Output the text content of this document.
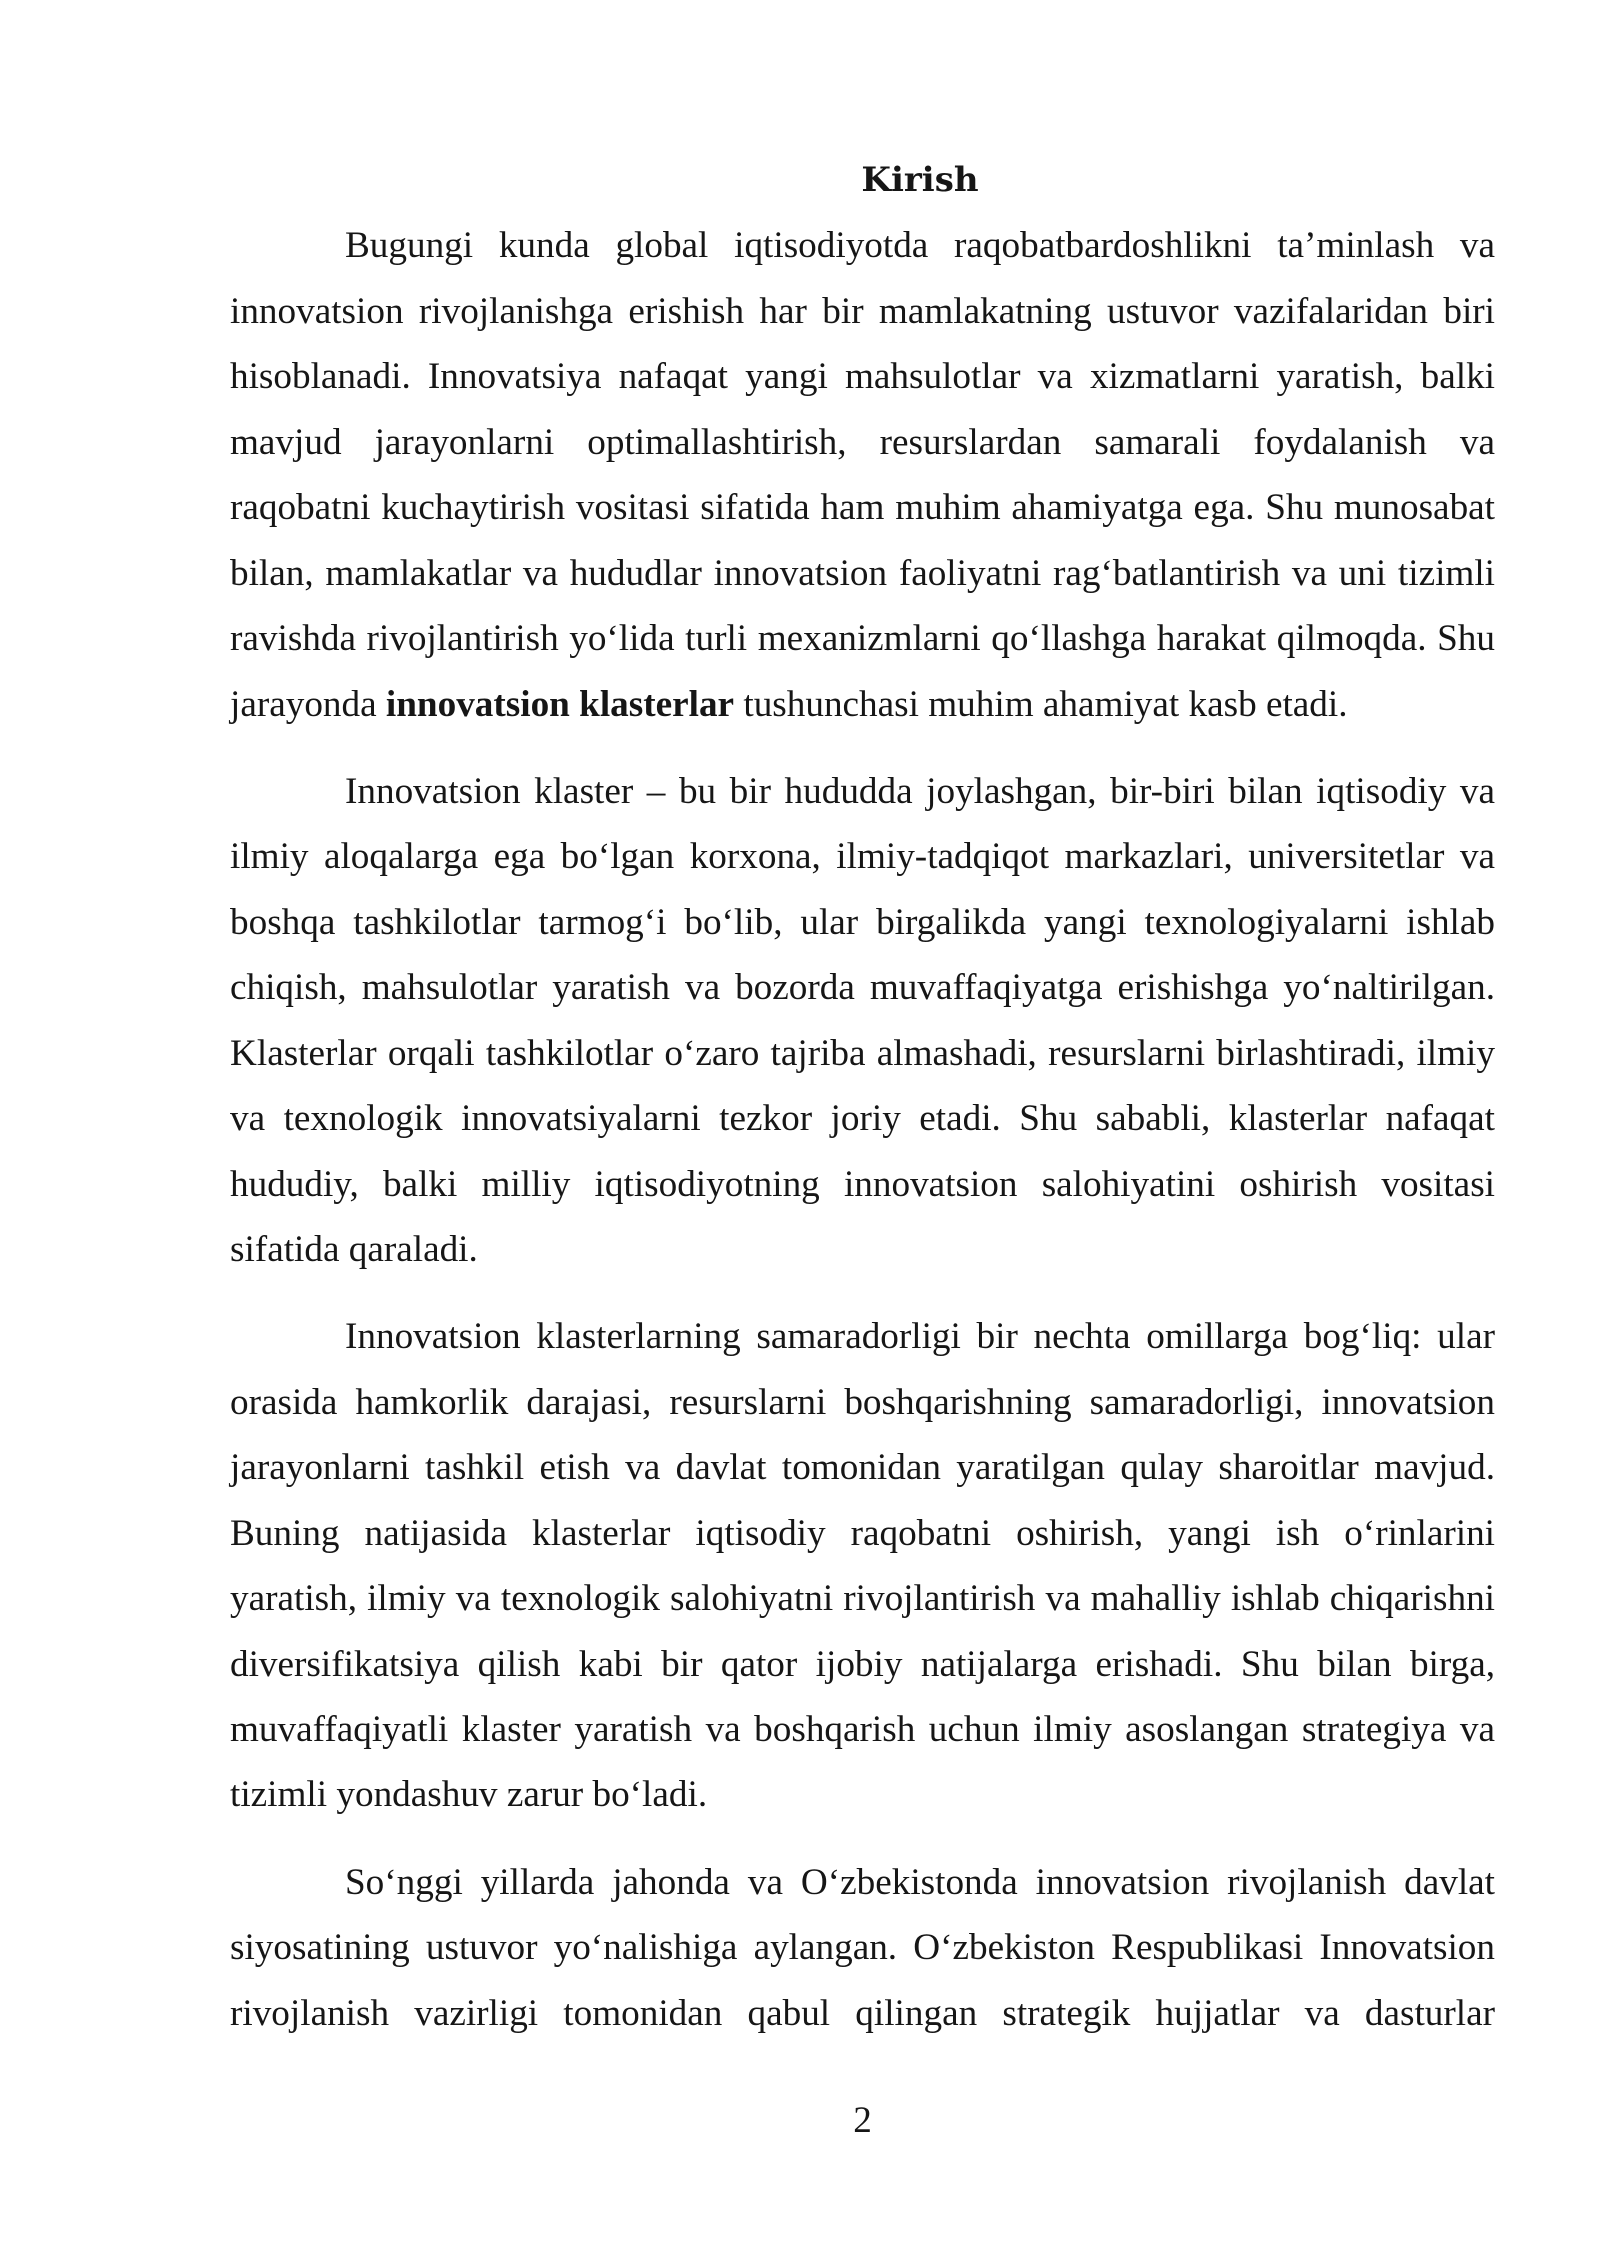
Kirish
Bugungi kunda global iqtisodiyotda raqobatbardoshlikni ta’minlash va
innovatsion rivojlanishga erishish har bir mamlakatning ustuvor vazifalaridan biri
hisoblanadi. Innovatsiya nafaqat yangi mahsulotlar va xizmatlarni yaratish, balki
mavjud jarayonlarni optimallashtirish, resurslardan samarali foydalanish va
raqobatni kuchaytirish vositasi sifatida ham muhim ahamiyatga ega. Shu munosabat
bilan, mamlakatlar va hududlar innovatsion faoliyatni rag‘batlantirish va uni tizimli
ravishda rivojlantirish yo‘lida turli mexanizmlarni qo‘llashga harakat qilmoqda. Shu
jarayonda innovatsion klasterlar tushunchasi muhim ahamiyat kasb etadi.
Innovatsion klaster – bu bir hududda joylashgan, bir-biri bilan iqtisodiy va
ilmiy aloqalarga ega bo‘lgan korxona, ilmiy-tadqiqot markazlari, universitetlar va
boshqa tashkilotlar tarmog‘i bo‘lib, ular birgalikda yangi texnologiyalarni ishlab
chiqish, mahsulotlar yaratish va bozorda muvaffaqiyatga erishishga yo‘naltirilgan.
Klasterlar orqali tashkilotlar o‘zaro tajriba almashadi, resurslarni birlashtiradi, ilmiy
va texnologik innovatsiyalarni tezkor joriy etadi. Shu sababli, klasterlar nafaqat
hududiy, balki milliy iqtisodiyotning innovatsion salohiyatini oshirish vositasi
sifatida qaraladi.
Innovatsion klasterlarning samaradorligi bir nechta omillarga bog‘liq: ular
orasida hamkorlik darajasi, resurslarni boshqarishning samaradorligi, innovatsion
jarayonlarni tashkil etish va davlat tomonidan yaratilgan qulay sharoitlar mavjud.
Buning natijasida klasterlar iqtisodiy raqobatni oshirish, yangi ish o‘rinlarini
yaratish, ilmiy va texnologik salohiyatni rivojlantirish va mahalliy ishlab chiqarishni
diversifikatsiya qilish kabi bir qator ijobiy natijalarga erishadi. Shu bilan birga,
muvaffaqiyatli klaster yaratish va boshqarish uchun ilmiy asoslangan strategiya va
tizimli yondashuv zarur bo‘ladi.
So‘nggi yillarda jahonda va O‘zbekistonda innovatsion rivojlanish davlat
siyosatining ustuvor yo‘nalishiga aylangan. O‘zbekiston Respublikasi Innovatsion
rivojlanish vazirligi tomonidan qabul qilingan strategik hujjatlar va dasturlar
2
